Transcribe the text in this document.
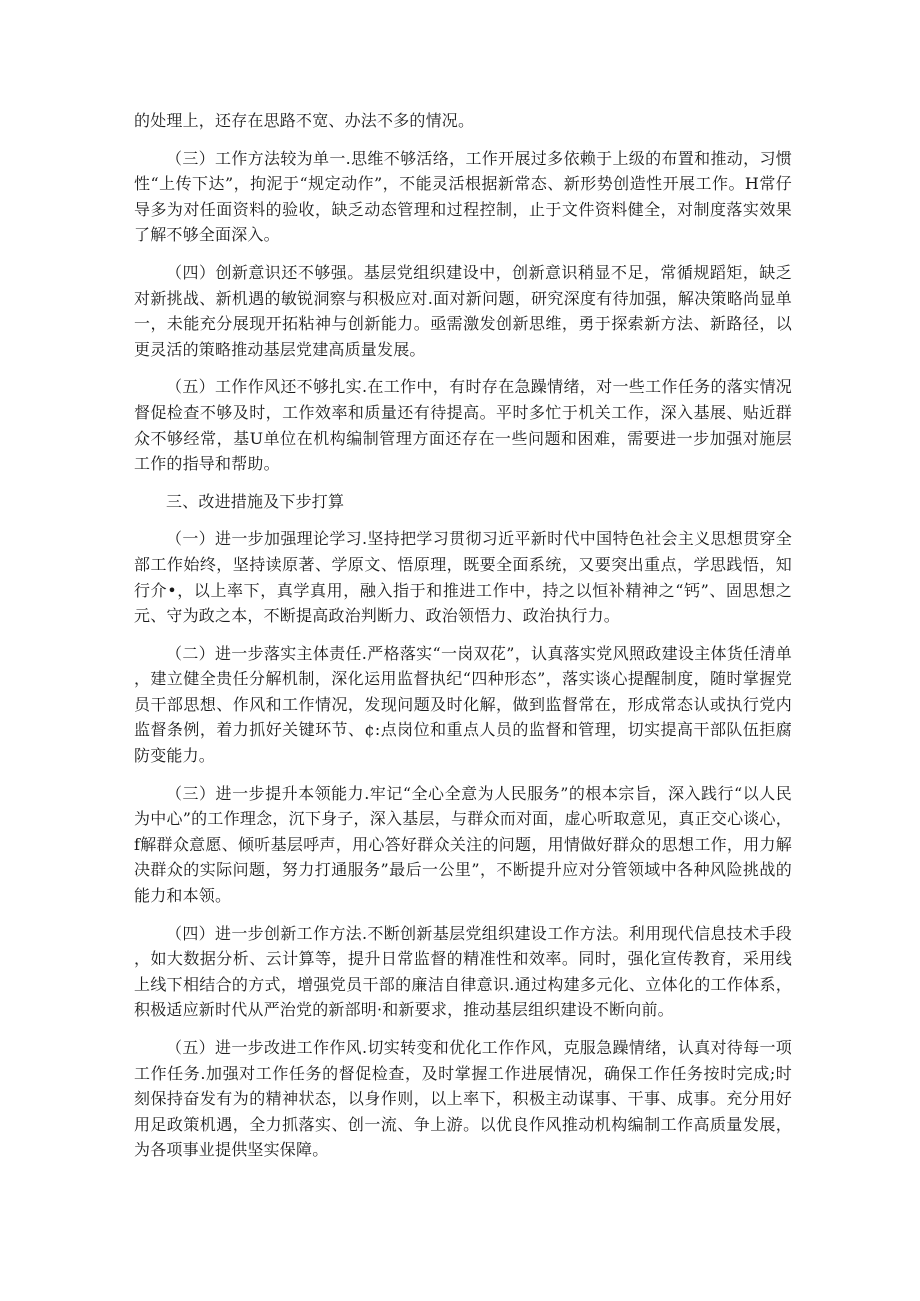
的处理上，还存在思路不宽、办法不多的情况。

（三）工作方法较为单一.思维不够活络，工作开展过多依赖于上级的布置和推动，习惯性“上传下达”，拘泥于“规定动作”，不能灵活根据新常态、新形势创造性开展工作。H常仔导多为对任面资料的验收，缺乏动态管理和过程控制，止于文件资料健全，对制度落实效果了解不够全面深入。

（四）创新意识还不够强。基层党组织建设中，创新意识稍显不足，常循规蹈矩，缺乏对新挑战、新机遇的敏锐洞察与积极应对.面对新问题，研究深度有待加强，解决策略尚显单一，未能充分展现开拓粘神与创新能力。亟需激发创新思维，勇于探索新方法、新路径，以更灵活的策略推动基层党建高质量发展。

（五）工作作风还不够扎实.在工作中，有时存在急躁情绪，对一些工作任务的落实情况督促检查不够及时，工作效率和质量还有待提高。平时多忙于机关工作，深入基展、贴近群众不够经常，基U单位在机构编制管理方面还存在一些问题和困难，需要进一步加强对施层工作的指导和帮助。

三、改进措施及下步打算

（一）进一步加强理论学习.坚持把学习贯彻习近平新时代中国特色社会主义思想贯穿全部工作始终，坚持读原著、学原文、悟原理，既要全面系统，又要突出重点，学思践悟，知行介•，以上率下，真学真用，融入指于和推进工作中，持之以恒补精神之“钙”、固思想之元、守为政之本，不断提高政治判断力、政治领悟力、政治执行力。

（二）进一步落实主体责任.严格落实“一岗双花”，认真落实党风照政建设主体货任清单，建立健全贵任分解机制，深化运用监督执纪“四种形态”，落实谈心提醒制度，随时掌握党员干部思想、作风和工作情况，发现问题及时化解，做到监督常在，形成常态认或执行党内监督条例，着力抓好关键环节、¢:点岗位和重点人员的监督和管理，切实提高干部队伍拒腐防变能力。

（三）进一步提升本领能力.牢记“全心全意为人民服务”的根本宗旨，深入践行“以人民为中心”的工作理念，沉下身子，深入基层，与群众而对面，虚心听取意见，真正交心谈心，f解群众意愿、倾听基层呼声，用心答好群众关注的问题，用情做好群众的思想工作，用力解决群众的实际问题，努力打通服务”最后一公里”，不断提升应对分管领域中各种风险挑战的能力和本领。

（四）进一步创新工作方法.不断创新基层党组织建设工作方法。利用现代信息技术手段，如大数据分析、云计算等，提升日常监督的精准性和效率。同时，强化宣传教育，采用线上线下相结合的方式，增强党员干部的廉洁自律意识.通过构建多元化、立体化的工作体系，积极适应新时代从严治党的新部明·和新要求，推动基层组织建设不断向前。

（五）进一步改进工作作风.切实转变和优化工作作风，克服急躁情绪，认真对待每一项工作任务.加强对工作任务的督促检查，及时掌握工作进展情况，确保工作任务按时完成;时刻保持奋发有为的精神状态，以身作则，以上率下，积极主动谋事、干事、成事。充分用好用足政策机遇，全力抓落实、创一流、争上游。以优良作风推动机构编制工作高质量发展，为各项事业提供坚实保障。
